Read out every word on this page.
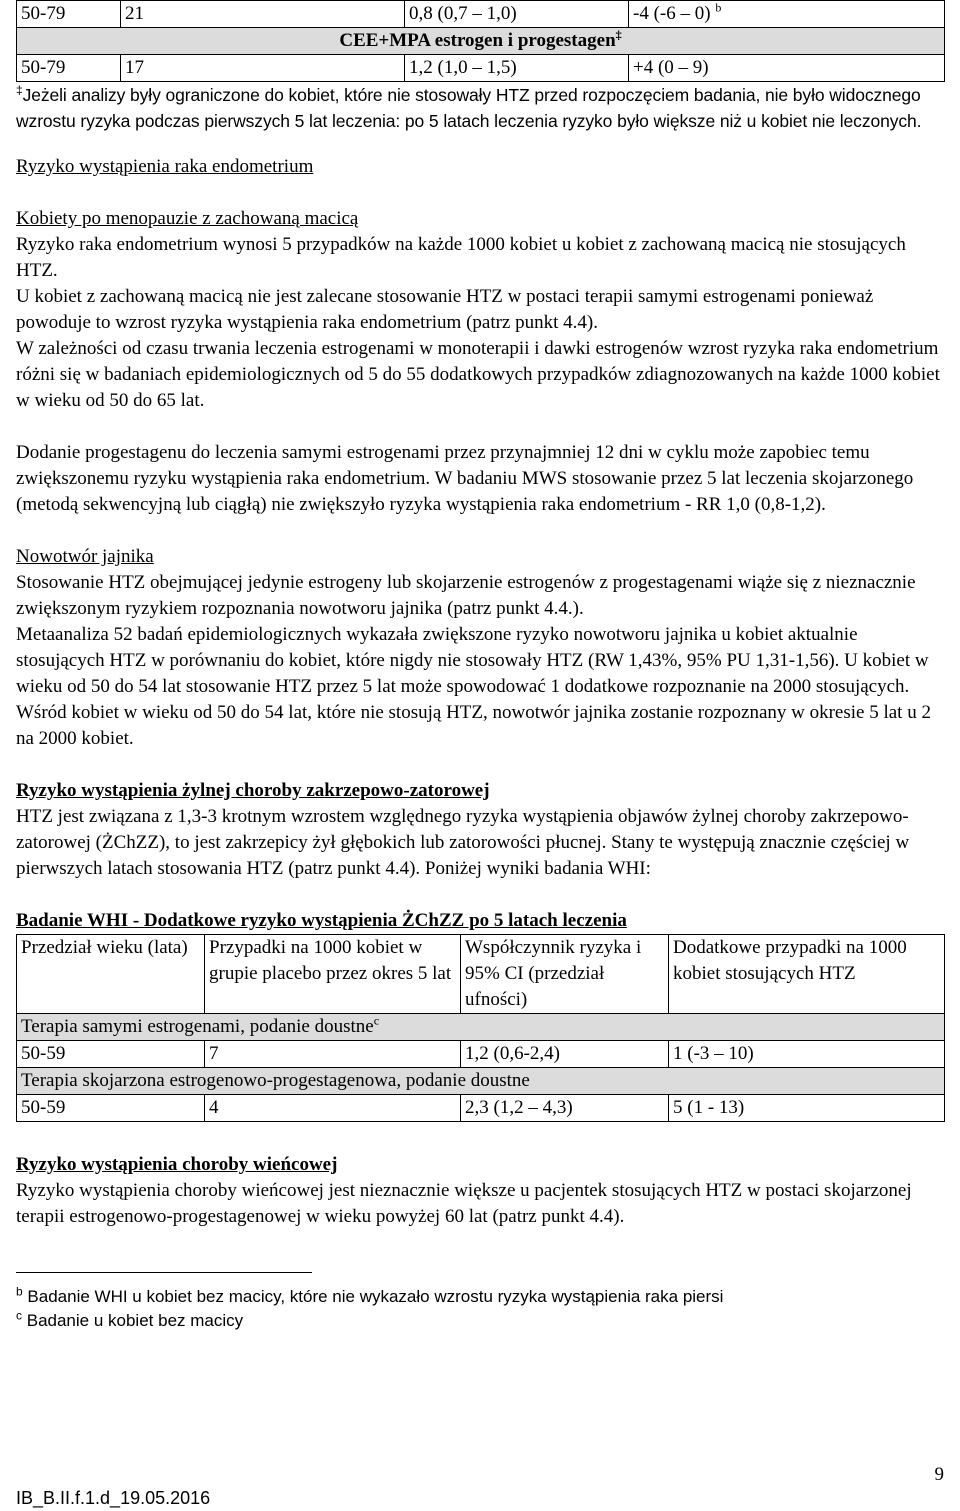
50-79	21	0,8 (0,7 – 1,0)	-4 (-6 – 0) $^b$
CEE+MPA estrogen i progestagen‡
50-79	17	1,2 (1,0 – 1,5)	+4 (0 – 9)

‡Jeżeli analizy były ograniczone do kobiet, które nie stosowały HTZ przed rozpoczęciem badania, nie było widocznego wzrostu ryzyka podczas pierwszych 5 lat leczenia: po 5 latach leczenia ryzyko było większe niż u kobiet nie leczonych.

Ryzyko wystąpienia raka endometrium

Kobiety po menopauzie z zachowaną macicą

Ryzyko raka endometrium wynosi 5 przypadków na każde 1000 kobiet u kobiet z zachowaną macicą nie stosujących HTZ.

U kobiet z zachowaną macicą nie jest zalecane stosowanie HTZ w postaci terapii samymi estrogenami ponieważ powoduje to wzrost ryzyka wystąpienia raka endometrium (patrz punkt 4.4).

W zależności od czasu trwania leczenia estrogenami w monoterapii i dawki estrogenów wzrost ryzyka raka endometrium różni się w badaniach epidemiologicznych od 5 do 55 dodatkowych przypadków zdiagnozowanych na każde 1000 kobiet w wieku od 50 do 65 lat.

Dodanie progestagenu do leczenia samymi estrogenami przez przynajmniej 12 dni w cyklu może zapobiec temu zwiększonemu ryzyku wystąpienia raka endometrium. W badaniu MWS stosowanie przez 5 lat leczenia skojarzonego (metodą sekwencyjną lub ciągłą) nie zwiększyło ryzyka wystąpienia raka endometrium - RR 1,0 (0,8-1,2).

Nowotwór jajnika

Stosowanie HTZ obejmującej jedynie estrogeny lub skojarzenie estrogenów z progestagenami wiąże się z nieznacznie zwiększonym ryzykiem rozpoznania nowotworu jajnika (patrz punkt 4.4.).

Metaanaliza 52 badań epidemiologicznych wykazała zwiększone ryzyko nowotworu jajnika u kobiet aktualnie stosujących HTZ w porównaniu do kobiet, które nigdy nie stosowały HTZ (RW 1,43%, 95% PU 1,31-1,56). U kobiet w wieku od 50 do 54 lat stosowanie HTZ przez 5 lat może spowodować 1 dodatkowe rozpoznanie na 2000 stosujących. Wśród kobiet w wieku od 50 do 54 lat, które nie stosują HTZ, nowotwór jajnika zostanie rozpoznany w okresie 5 lat u 2 na 2000 kobiet.

Ryzyko wystąpienia żylnej choroby zakrzepowo-zatorowej

HTZ jest związana z 1,3-3 krotnym wzrostem względnego ryzyka wystąpienia objawów żylnej choroby zakrzepowo-zatorowej (ŻChZZ), to jest zakrzepicy żył głębokich lub zatorowości płucnej. Stany te występują znacznie częściej w pierwszych latach stosowania HTZ (patrz punkt 4.4). Poniżej wyniki badania WHI:

Badanie WHI - Dodatkowe ryzyko wystąpienia ŻChZZ po 5 latach leczenia

Przedział wieku (lata)	Przypadki na 1000 kobiet w grupie placebo przez okres 5 lat	Współczynnik ryzyka i 95% CI (przedział ufności)	Dodatkowe przypadki na 1000 kobiet stosujących HTZ
Terapia samymi estrogenami, podanie doustne$^c$
50-59	7	1,2 (0,6-2,4)	1 (-3 – 10)
Terapia skojarzona estrogenowo-progestagenowa, podanie doustne			
50-59	4	2,3 (1,2 – 4,3)	5 (1 - 13)

Ryzyko wystąpienia choroby wieńcowej

Ryzyko wystąpienia choroby wieńcowej jest nieznacznie większe u pacjentek stosujących HTZ w postaci skojarzonej terapii estrogenowo-progestagenowej w wieku powyżej 60 lat (patrz punkt 4.4).

$^b$ Badanie WHI u kobiet bez macicy, które nie wykazało wzrostu ryzyka wystąpienia raka piersi

$^c$ Badanie u kobiet bez macicy

IB_B.II.f.1.d_19.05.2016
9
